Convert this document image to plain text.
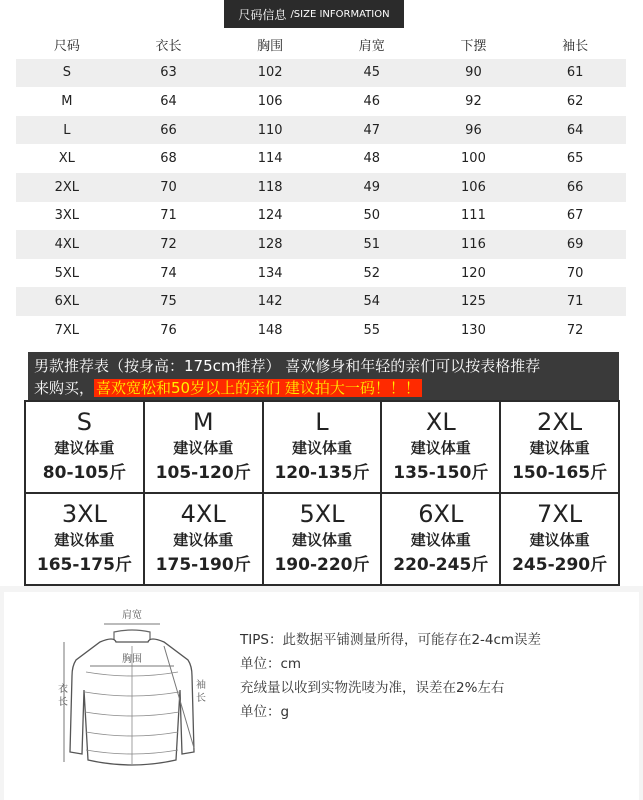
尺码信息 /SIZE INFORMATION
尺码	衣长	胸围	肩宽	下摆	袖长
S	63	102	45	90	61
M	64	106	46	92	62
L	66	110	47	96	64
XL	68	114	48	100	65
2XL	70	118	49	106	66
3XL	71	124	50	111	67
4XL	72	128	51	116	69
5XL	74	134	52	120	70
6XL	75	142	54	125	71
7XL	76	148	55	130	72
男款推荐表（按身高：175cm推荐） 喜欢修身和年轻的亲们可以按表格推荐
来购买， 喜欢宽松和50岁以上的亲们 建议拍大一码！！！
S
建议体重
80-105斤
M
建议体重
105-120斤
L
建议体重
120-135斤
XL
建议体重
135-150斤
2XL
建议体重
150-165斤
3XL
建议体重
165-175斤
4XL
建议体重
175-190斤
5XL
建议体重
190-220斤
6XL
建议体重
220-245斤
7XL
建议体重
245-290斤
肩宽
胸围
衣
长
袖
长
TIPS：此数据平铺测量所得，可能存在2-4cm误差
单位：cm
充绒量以收到实物洗唛为准，误差在2%左右
单位：g
